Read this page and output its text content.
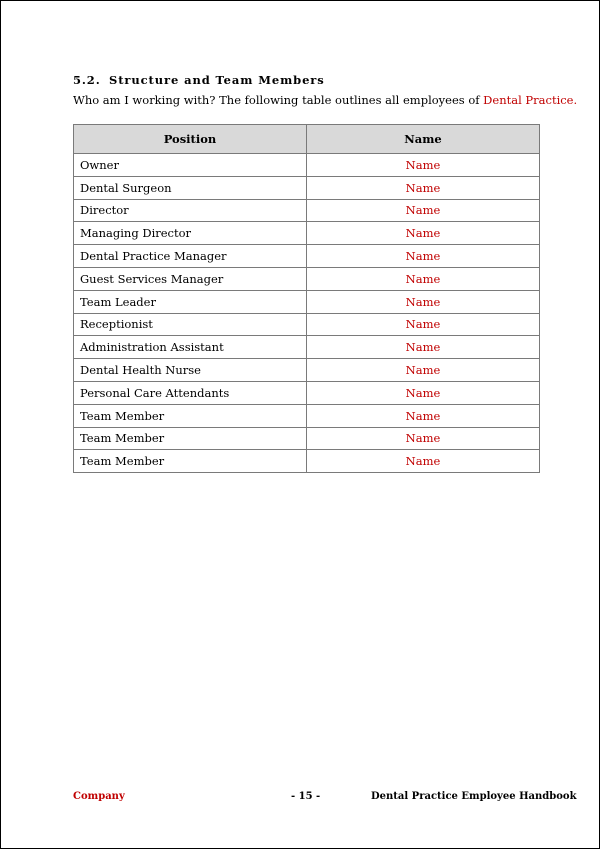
5.2. Structure and Team Members
Who am I working with? The following table outlines all employees of Dental Practice.
Position	Name
Owner	Name
Dental Surgeon	Name
Director	Name
Managing Director	Name
Dental Practice Manager	Name
Guest Services Manager	Name
Team Leader	Name
Receptionist	Name
Administration Assistant	Name
Dental Health Nurse	Name
Personal Care Attendants	Name
Team Member	Name
Team Member	Name
Team Member	Name
Company	- 15 -	Dental Practice Employee Handbook
